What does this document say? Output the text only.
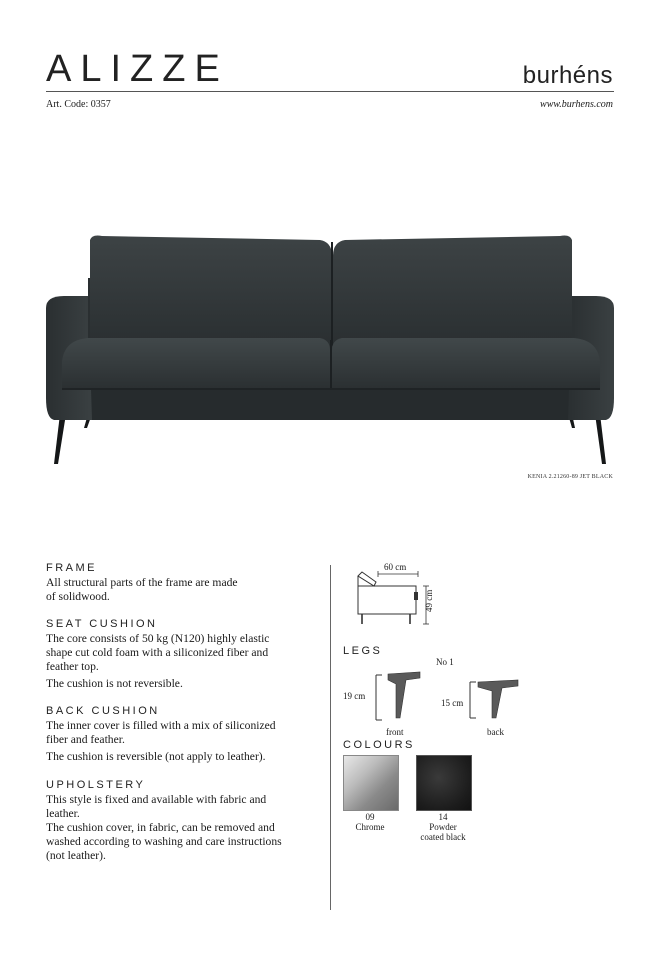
ALIZZE	burhéns
Art. Code: 0357	www.burhens.com
KENIA 2.21260-89 JET BLACK
FRAME
All structural parts of the frame are made
of solidwood.
SEAT CUSHION
The core consists of 50 kg (N120) highly elastic
shape cut cold foam with a siliconized fiber and
feather top.
The cushion is not reversible.
BACK CUSHION
The inner cover is filled with a mix of siliconized
fiber and feather.
The cushion is reversible (not apply to leather).
UPHOLSTERY
This style is fixed and available with fabric and
leather.
The cushion cover, in fabric, can be removed and
washed according to washing and care instructions
(not leather).
60 cm
49 cm
LEGS
No 1
19 cm
front
15 cm
back
COLOURS
09
Chrome
14
Powder
coated black
